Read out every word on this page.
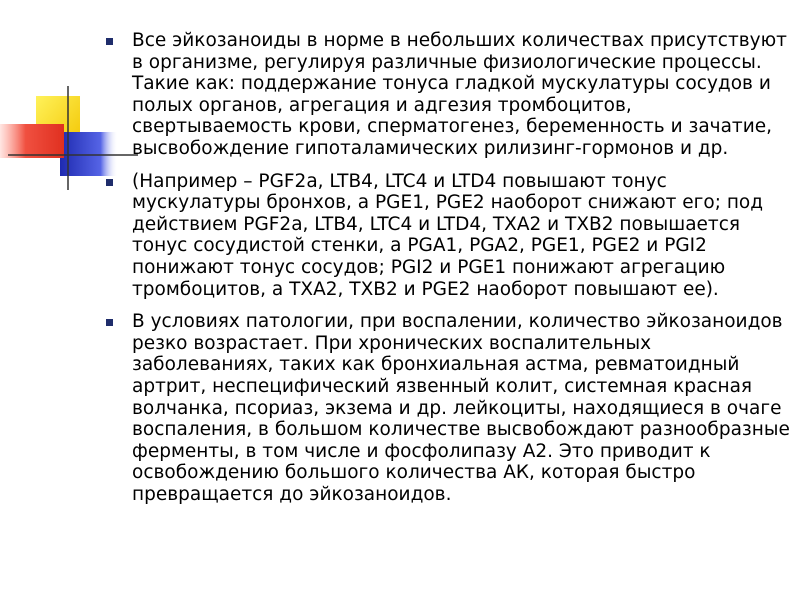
Все эйкозаноиды в норме в небольших количествах присутствуют в организме, регулируя различные физиологические процессы. Такие как: поддержание тонуса гладкой мускулатуры сосудов и полых органов, агрегация и адгезия тромбоцитов, свертываемость крови, сперматогенез, беременность и зачатие, высвобождение гипоталамических рилизинг-гормонов и др.
(Например – PGF2a, LTB4, LTC4 и LTD4 повышают тонус мускулатуры бронхов, а PGE1, PGE2 наоборот снижают его; под действием PGF2a, LTB4, LTC4 и LTD4, TXA2 и TXB2 повышается тонус сосудистой стенки, а PGA1, PGA2, PGE1, PGE2 и PGI2 понижают тонус сосудов; PGI2 и PGE1 понижают агрегацию тромбоцитов, а TXA2, TXB2 и PGE2 наоборот повышают ее).
В условиях патологии, при воспалении, количество эйкозаноидов резко возрастает. При хронических воспалительных заболеваниях, таких как бронхиальная астма, ревматоидный артрит, неспецифический язвенный колит, системная красная волчанка, псориаз, экзема и др. лейкоциты, находящиеся в очаге воспаления, в большом количестве высвобождают разнообразные ферменты, в том числе и фосфолипазу А2. Это приводит к освобождению большого количества АК, которая быстро превращается до эйкозаноидов.
